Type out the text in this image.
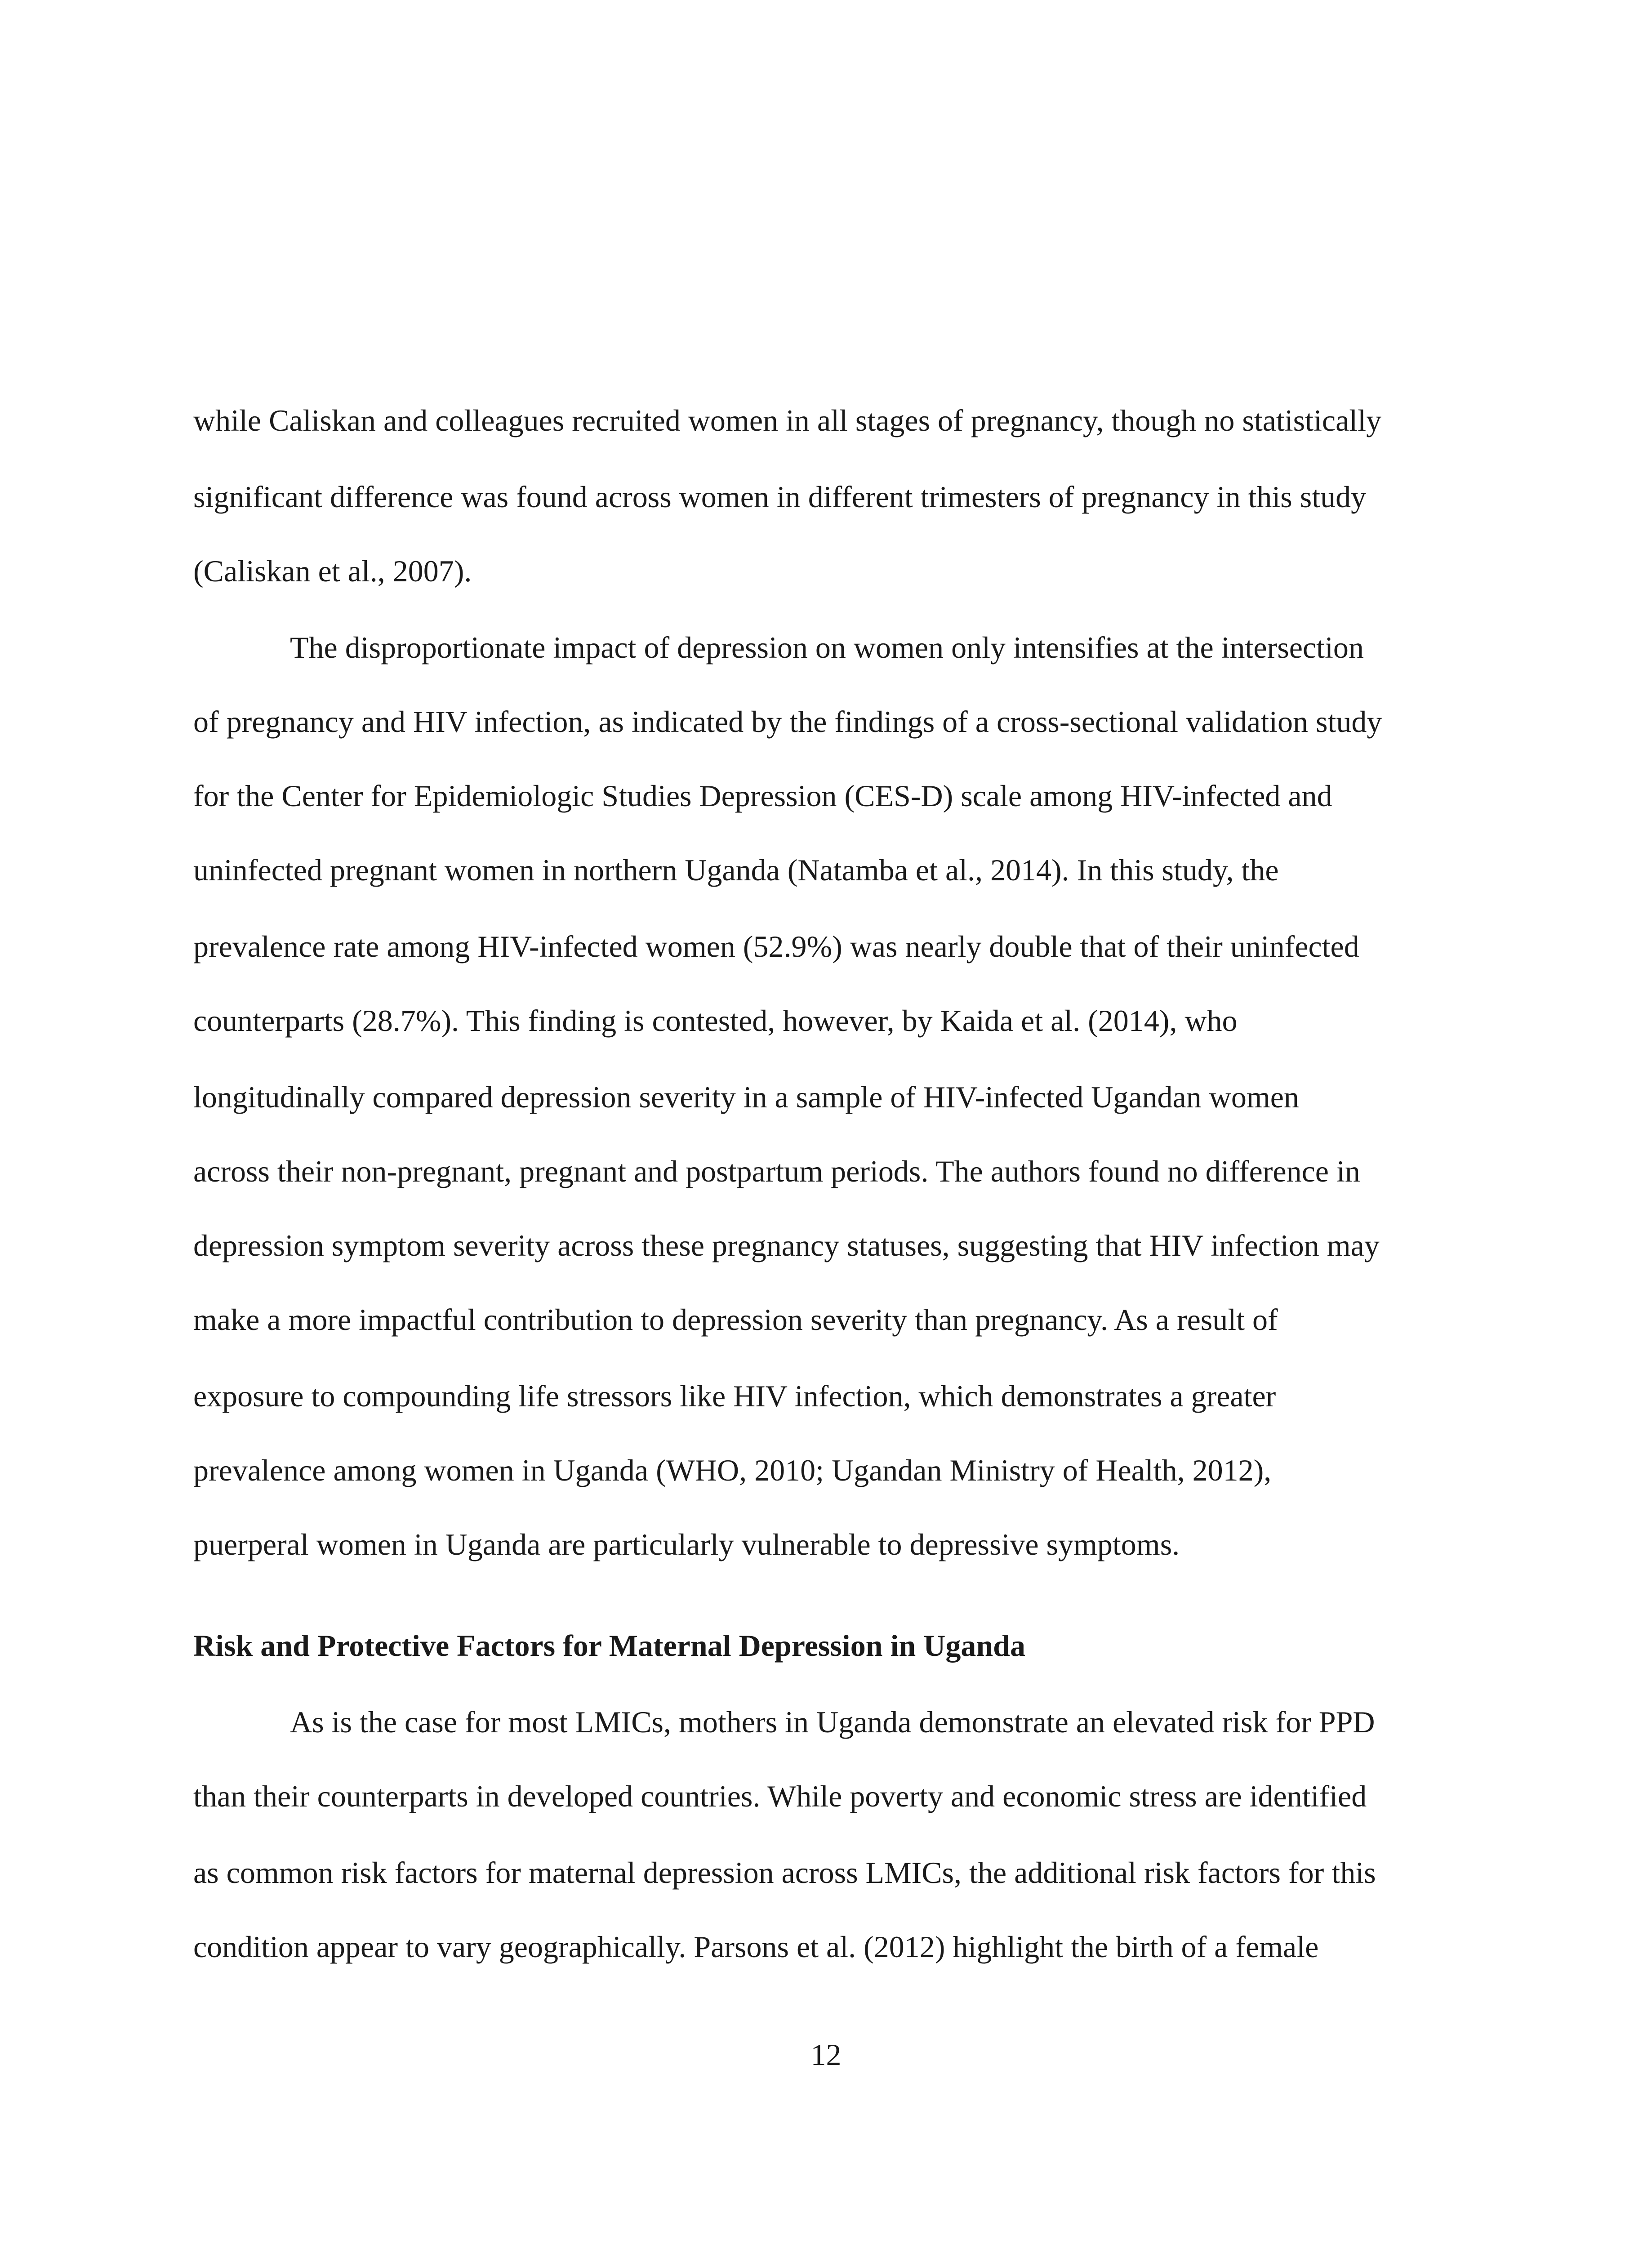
while Caliskan and colleagues recruited women in all stages of pregnancy, though no statistically

significant difference was found across women in different trimesters of pregnancy in this study

(Caliskan et al., 2007).

The disproportionate impact of depression on women only intensifies at the intersection

of pregnancy and HIV infection, as indicated by the findings of a cross-sectional validation study

for the Center for Epidemiologic Studies Depression (CES-D) scale among HIV-infected and

uninfected pregnant women in northern Uganda (Natamba et al., 2014). In this study, the

prevalence rate among HIV-infected women (52.9%) was nearly double that of their uninfected

counterparts (28.7%). This finding is contested, however, by Kaida et al. (2014), who

longitudinally compared depression severity in a sample of HIV-infected Ugandan women

across their non-pregnant, pregnant and postpartum periods. The authors found no difference in

depression symptom severity across these pregnancy statuses, suggesting that HIV infection may

make a more impactful contribution to depression severity than pregnancy. As a result of

exposure to compounding life stressors like HIV infection, which demonstrates a greater

prevalence among women in Uganda (WHO, 2010; Ugandan Ministry of Health, 2012),

puerperal women in Uganda are particularly vulnerable to depressive symptoms.

Risk and Protective Factors for Maternal Depression in Uganda

As is the case for most LMICs, mothers in Uganda demonstrate an elevated risk for PPD

than their counterparts in developed countries. While poverty and economic stress are identified

as common risk factors for maternal depression across LMICs, the additional risk factors for this

condition appear to vary geographically. Parsons et al. (2012) highlight the birth of a female

12
